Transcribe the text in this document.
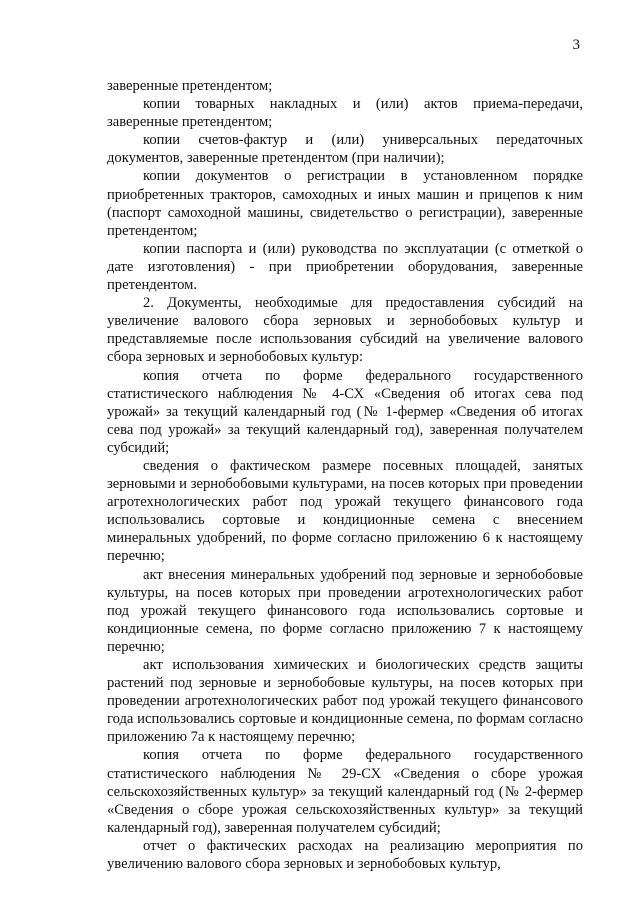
3

заверенные претендентом;

копии товарных накладных и (или) актов приема-передачи, заверенные претендентом;

копии счетов-фактур и (или) универсальных передаточных документов, заверенные претендентом (при наличии);

копии документов о регистрации в установленном порядке приобретенных тракторов, самоходных и иных машин и прицепов к ним (паспорт самоходной машины, свидетельство о регистрации), заверенные претендентом;

копии паспорта и (или) руководства по эксплуатации (с отметкой о дате изготовления) - при приобретении оборудования, заверенные претендентом.

2. Документы, необходимые для предоставления субсидий на увеличение валового сбора зерновых и зернобобовых культур и представляемые после использования субсидий на увеличение валового сбора зерновых и зернобобовых культур:

копия отчета по форме федерального государственного статистического наблюдения № 4-СХ «Сведения об итогах сева под урожай» за текущий календарный год (№ 1-фермер «Сведения об итогах сева под урожай» за текущий календарный год), заверенная получателем субсидий;

сведения о фактическом размере посевных площадей, занятых зерновыми и зернобобовыми культурами, на посев которых при проведении агротехнологических работ под урожай текущего финансового года использовались сортовые и кондиционные семена с внесением минеральных удобрений, по форме согласно приложению 6 к настоящему перечню;

акт внесения минеральных удобрений под зерновые и зернобобовые культуры, на посев которых при проведении агротехнологических работ под урожай текущего финансового года использовались сортовые и кондиционные семена, по форме согласно приложению 7 к настоящему перечню;

акт использования химических и биологических средств защиты растений под зерновые и зернобобовые культуры, на посев которых при проведении агротехнологических работ под урожай текущего финансового года использовались сортовые и кондиционные семена, по формам согласно приложению 7а к настоящему перечню;

копия отчета по форме федерального государственного статистического наблюдения № 29-СХ «Сведения о сборе урожая сельскохозяйственных культур» за текущий календарный год (№ 2-фермер «Сведения о сборе урожая сельскохозяйственных культур» за текущий календарный год), заверенная получателем субсидий;

отчет о фактических расходах на реализацию мероприятия по увеличению валового сбора зерновых и зернобобовых культур,
